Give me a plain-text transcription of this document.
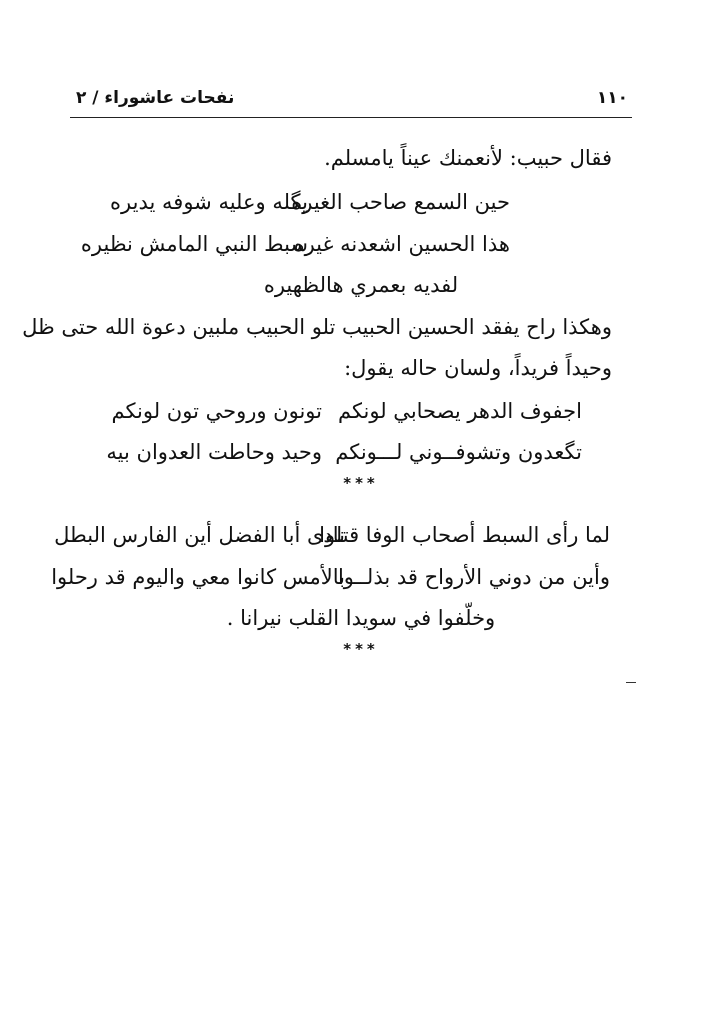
نفحات عاشوراء / ٢	١١٠
فقال حبيب: لأنعمنك عيناً يامسلم.
حين السمع صاحب الغيره
يگله وعليه شوفه يديره
هذا الحسين اشعدنه غيره
سبط النبي المامش نظيره
لفديه بعمري هالظهيره
وهكذا راح يفقد الحسين الحبيب تلو الحبيب ملبين دعوة الله حتى ظل
وحيداً فريداً، ولسان حاله يقول:
اجفوف الدهر يصحابي لونكم
تونون وروحي تون لونكم
تگعدون وتشوفــوني لـــونكم
وحيد وحاطت العدوان بيه
***
لما رأى السبط أصحاب الوفا قتلوا
نادى أبا الفضل أين الفارس البطل
وأين من دوني الأرواح قد بذلــوا
بالأمس كانوا معي واليوم قد رحلوا
وخلّفوا في سويدا القلب نيرانا .
***
